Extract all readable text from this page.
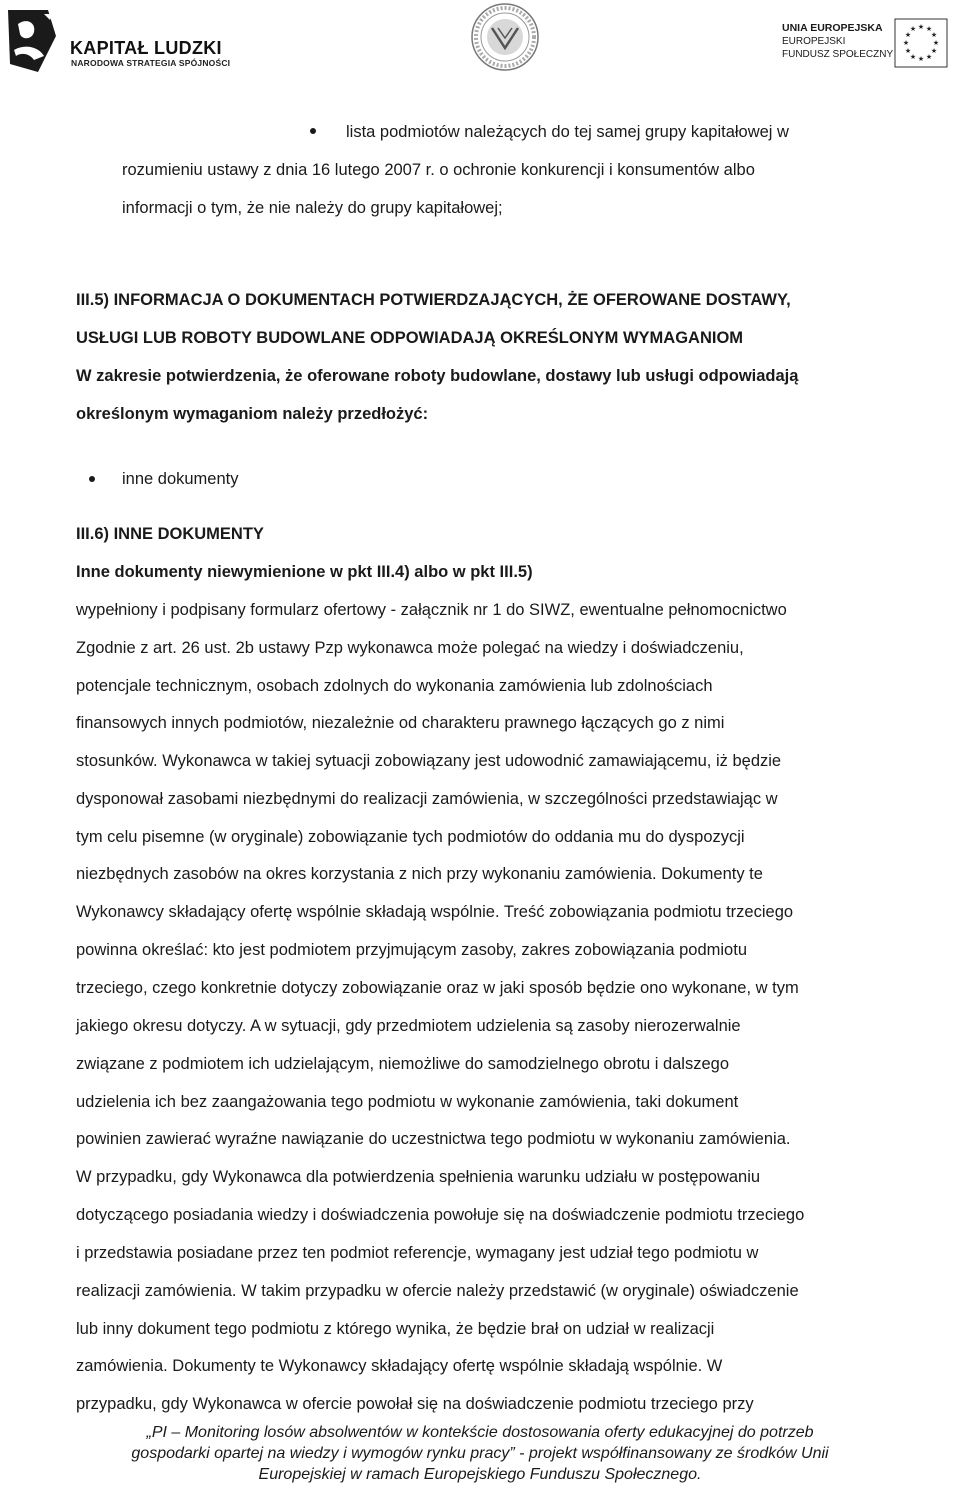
KAPITAŁ LUDZKI
NARODOWA STRATEGIA SPÓJNOŚCI
UNIA EUROPEJSKA
EUROPEJSKI
FUNDUSZ SPOŁECZNY
★ ★
★
★
★
★
★
★
★
★
★
★
lista podmiotów należących do tej samej grupy kapitałowej w
rozumieniu ustawy z dnia 16 lutego 2007 r. o ochronie konkurencji i konsumentów albo
informacji o tym, że nie należy do grupy kapitałowej;
III.5) INFORMACJA O DOKUMENTACH POTWIERDZAJĄCYCH, ŻE OFEROWANE DOSTAWY,
USŁUGI LUB ROBOTY BUDOWLANE ODPOWIADAJĄ OKREŚLONYM WYMAGANIOM
W zakresie potwierdzenia, że oferowane roboty budowlane, dostawy lub usługi odpowiadają
określonym wymaganiom należy przedłożyć:
inne dokumenty
III.6) INNE DOKUMENTY
Inne dokumenty niewymienione w pkt III.4) albo w pkt III.5)
wypełniony i podpisany formularz ofertowy - załącznik nr 1 do SIWZ, ewentualne pełnomocnictwo
Zgodnie z art. 26 ust. 2b ustawy Pzp wykonawca może polegać na wiedzy i doświadczeniu,
potencjale technicznym, osobach zdolnych do wykonania zamówienia lub zdolnościach
finansowych innych podmiotów, niezależnie od charakteru prawnego łączących go z nimi
stosunków. Wykonawca w takiej sytuacji zobowiązany jest udowodnić zamawiającemu, iż będzie
dysponował zasobami niezbędnymi do realizacji zamówienia, w szczególności przedstawiając w
tym celu pisemne (w oryginale) zobowiązanie tych podmiotów do oddania mu do dyspozycji
niezbędnych zasobów na okres korzystania z nich przy wykonaniu zamówienia. Dokumenty te
Wykonawcy składający ofertę wspólnie składają wspólnie. Treść zobowiązania podmiotu trzeciego
powinna określać: kto jest podmiotem przyjmującym zasoby, zakres zobowiązania podmiotu
trzeciego, czego konkretnie dotyczy zobowiązanie oraz w jaki sposób będzie ono wykonane, w tym
jakiego okresu dotyczy. A w sytuacji, gdy przedmiotem udzielenia są zasoby nierozerwalnie
związane z podmiotem ich udzielającym, niemożliwe do samodzielnego obrotu i dalszego
udzielenia ich bez zaangażowania tego podmiotu w wykonanie zamówienia, taki dokument
powinien zawierać wyraźne nawiązanie do uczestnictwa tego podmiotu w wykonaniu zamówienia.
W przypadku, gdy Wykonawca dla potwierdzenia spełnienia warunku udziału w postępowaniu
dotyczącego posiadania wiedzy i doświadczenia powołuje się na doświadczenie podmiotu trzeciego
i przedstawia posiadane przez ten podmiot referencje, wymagany jest udział tego podmiotu w
realizacji zamówienia. W takim przypadku w ofercie należy przedstawić (w oryginale) oświadczenie
lub inny dokument tego podmiotu z którego wynika, że będzie brał on udział w realizacji
zamówienia. Dokumenty te Wykonawcy składający ofertę wspólnie składają wspólnie. W
przypadku, gdy Wykonawca w ofercie powołał się na doświadczenie podmiotu trzeciego przy
„PI – Monitoring losów absolwentów w kontekście dostosowania oferty edukacyjnej do potrzeb
gospodarki opartej na wiedzy i wymogów rynku pracy” - projekt współfinansowany ze środków Unii
Europejskiej w ramach Europejskiego Funduszu Społecznego.
